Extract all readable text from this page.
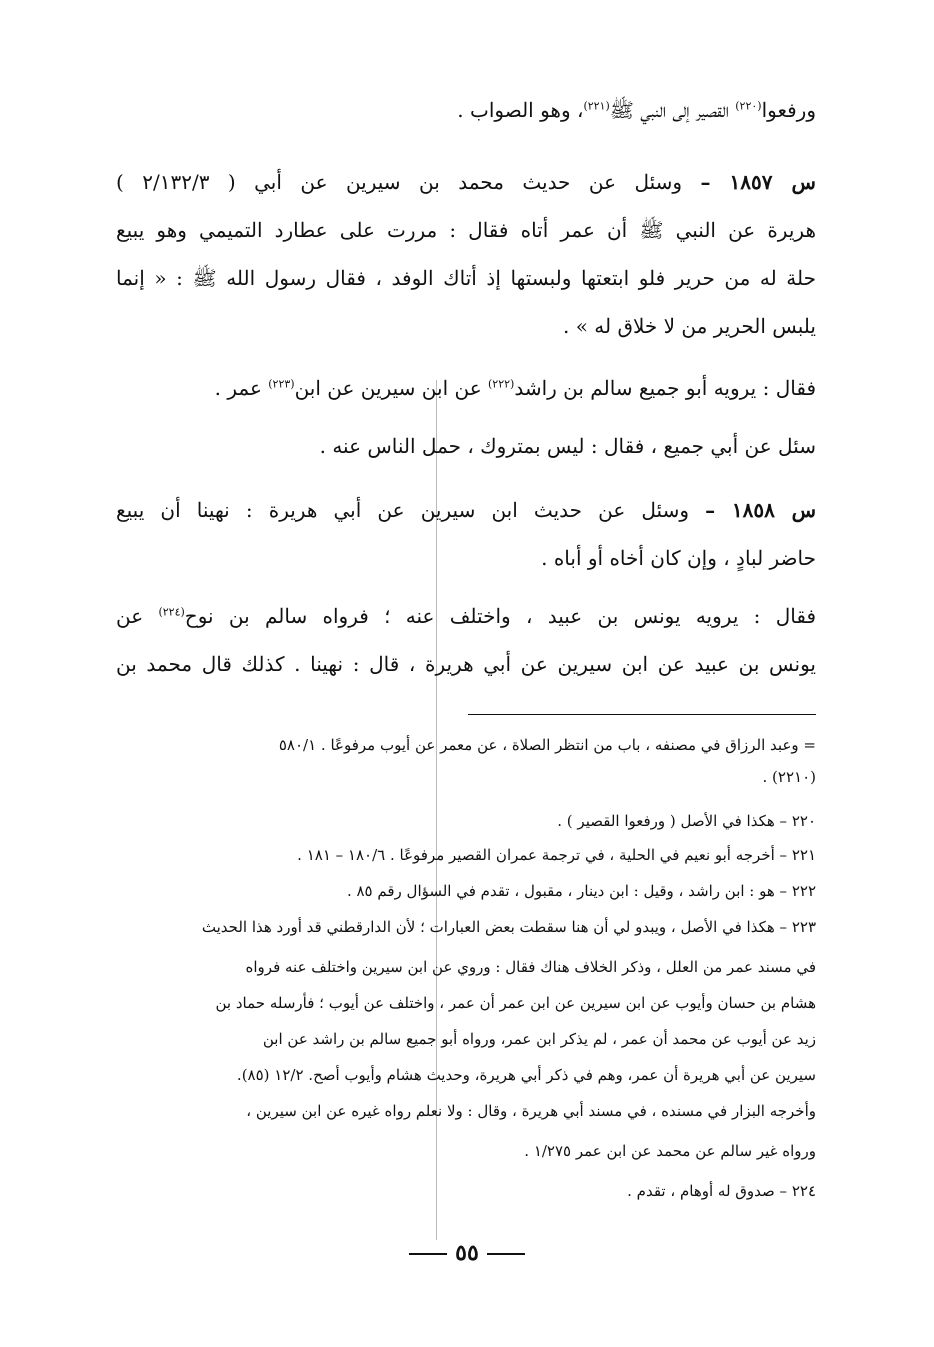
ورفعوا$^{(٢٢٠)}$ القصير إلى النبي ﷺ$^{(٢٢١)}$، وهو الصواب .
س ١٨٥٧ – وسئل عن حديث محمد بن سيرين عن أبي ( ٢/١٣٢/٣ )
هريرة عن النبي ﷺ أن عمر أتاه فقال : مررت على عطارد التميمي وهو يبيع
حلة له من حرير فلو ابتعتها ولبستها إذ أتاك الوفد ، فقال رسول الله ﷺ : « إنما
يلبس الحرير من لا خلاق له » .
فقال : يرويه أبو جميع سالم بن راشد$^{(٢٢٢)}$ عن ابن سيرين عن ابن$^{(٢٢٣)}$ عمر .
سئل عن أبي جميع ، فقال : ليس بمتروك ، حمل الناس عنه .
س ١٨٥٨ – وسئل عن حديث ابن سيرين عن أبي هريرة : نهينا أن يبيع
حاضر لبادٍ ، وإن كان أخاه أو أباه .
فقال : يرويه يونس بن عبيد ، واختلف عنه ؛ فرواه سالم بن نوح$^{(٢٢٤)}$ عن
يونس بن عبيد عن ابن سيرين عن أبي هريرة ، قال : نهينا . كذلك قال محمد بن
= وعبد الرزاق في مصنفه ، باب من انتظر الصلاة ، عن معمر عن أيوب مرفوعًا . ٥٨٠/١
(٢٢١٠) .
٢٢٠ – هكذا في الأصل ( ورفعوا القصير ) .
٢٢١ – أخرجه أبو نعيم في الحلية ، في ترجمة عمران القصير مرفوعًا . ١٨٠/٦ – ١٨١ .
٢٢٢ – هو : ابن راشد ، وقيل : ابن دينار ، مقبول ، تقدم في السؤال رقم ٨٥ .
٢٢٣ – هكذا في الأصل ، ويبدو لي أن هنا سقطت بعض العبارات ؛ لأن الدارقطني قد أورد هذا الحديث
في مسند عمر من العلل ، وذكر الخلاف هناك فقال : وروي عن ابن سيرين واختلف عنه فرواه
هشام بن حسان وأيوب عن ابن سيرين عن ابن عمر أن عمر ، واختلف عن أيوب ؛ فأرسله حماد بن
زيد عن أيوب عن محمد أن عمر ، لم يذكر ابن عمر، ورواه أبو جميع سالم بن راشد عن ابن
سيرين عن أبي هريرة أن عمر، وهم في ذكر أبي هريرة، وحديث هشام وأيوب أصح. ١٢/٢ (٨٥).
وأخرجه البزار في مسنده ، في مسند أبي هريرة ، وقال : ولا نعلم رواه غيره عن ابن سيرين ،
ورواه غير سالم عن محمد عن ابن عمر ١/٢٧٥ .
٢٢٤ – صدوق له أوهام ، تقدم .
٥٥
